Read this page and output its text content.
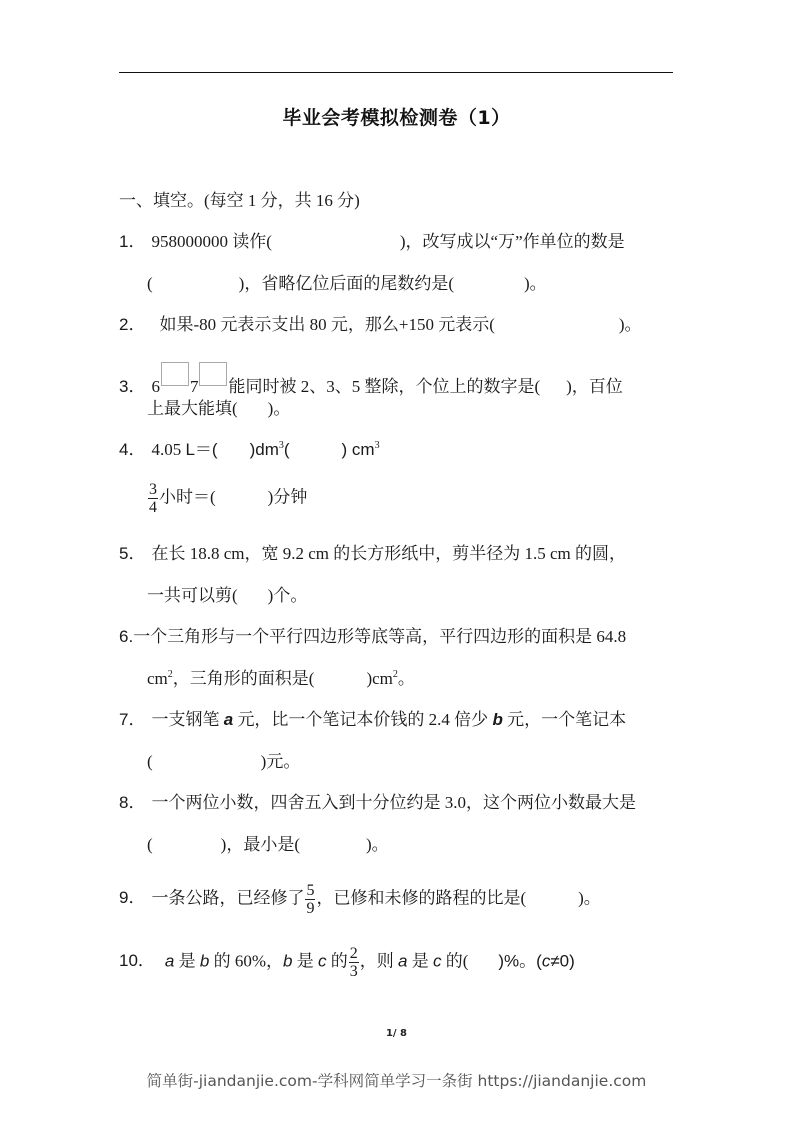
毕业会考模拟检测卷（1）
一、填空。(每空 1 分，共 16 分)
1． 958000000 读作(	)，改写成以“万”作单位的数是
(	)，省略亿位后面的尾数约是(	)。
2． 如果-80 元表示支出 80 元，那么+150 元表示(	)。
3． 6 7 能同时被 2、3、5 整除，个位上的数字是( )，百位
上最大能填( )。
4． 4.05 L＝( )$dm^3$(	) $cm^3$
$\frac{3}{4}$ 小时＝(	)分钟
5． 在长 18.8 cm，宽 9.2 cm 的长方形纸中，剪半径为 1.5 cm 的圆，
一共可以剪( )个。
6.一个三角形与一个平行四边形等底等高，平行四边形的面积是 64.8
$cm^2$，三角形的面积是(	)$cm^2$。
7． 一支钢笔 a 元，比一个笔记本价钱的 2.4 倍少 b 元，一个笔记本
(	)元。
8． 一个两位小数，四舍五入到十分位约是 3.0，这个两位小数最大是
(	)，最小是(	)。
9． 一条公路，已经修了 $\frac{5}{9}$ ，已修和未修的路程的比是(	)。
10． a 是 b 的 60%，b 是 c 的 $\frac{2}{3}$ ，则 a 是 c 的( )%。(c≠0)
1/ 8
简单街-jiandanjie.com-学科网简单学习一条街 https://jiandanjie.com
